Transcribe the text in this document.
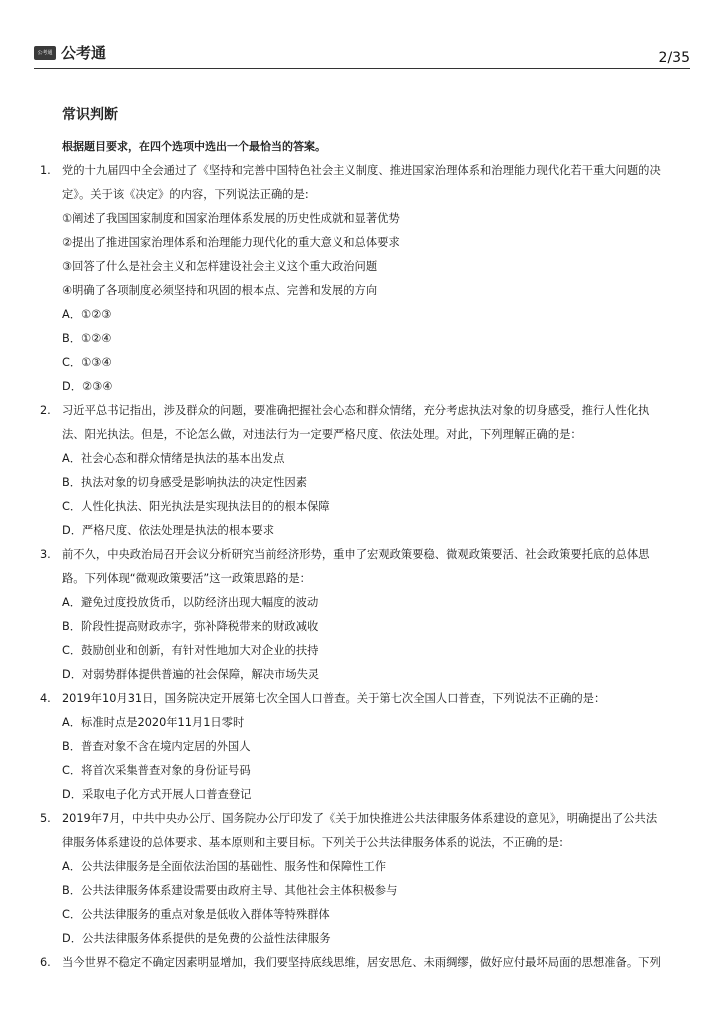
公考通 公考通	2/35
常识判断
根据题目要求，在四个选项中选出一个最恰当的答案。
1. 党的十九届四中全会通过了《坚持和完善中国特色社会主义制度、推进国家治理体系和治理能力现代化若干重大问题的决
定》。关于该《决定》的内容，下列说法正确的是:
①阐述了我国国家制度和国家治理体系发展的历史性成就和显著优势
②提出了推进国家治理体系和治理能力现代化的重大意义和总体要求
③回答了什么是社会主义和怎样建设社会主义这个重大政治问题
④明确了各项制度必须坚持和巩固的根本点、完善和发展的方向
A．①②③
B．①②④
C．①③④
D．②③④
2. 习近平总书记指出，涉及群众的问题，要准确把握社会心态和群众情绪，充分考虑执法对象的切身感受，推行人性化执
法、阳光执法。但是，不论怎么做，对违法行为一定要严格尺度、依法处理。对此，下列理解正确的是：
A．社会心态和群众情绪是执法的基本出发点
B．执法对象的切身感受是影响执法的决定性因素
C．人性化执法、阳光执法是实现执法目的的根本保障
D．严格尺度、依法处理是执法的根本要求
3. 前不久，中央政治局召开会议分析研究当前经济形势，重申了宏观政策要稳、微观政策要活、社会政策要托底的总体思
路。下列体现“微观政策要活”这一政策思路的是：
A．避免过度投放货币，以防经济出现大幅度的波动
B．阶段性提高财政赤字，弥补降税带来的财政减收
C．鼓励创业和创新，有针对性地加大对企业的扶持
D．对弱势群体提供普遍的社会保障，解决市场失灵
4. 2019年10月31日，国务院决定开展第七次全国人口普查。关于第七次全国人口普查，下列说法不正确的是：
A．标准时点是2020年11月1日零时
B．普查对象不含在境内定居的外国人
C．将首次采集普查对象的身份证号码
D．采取电子化方式开展人口普查登记
5. 2019年7月，中共中央办公厅、国务院办公厅印发了《关于加快推进公共法律服务体系建设的意见》，明确提出了公共法
律服务体系建设的总体要求、基本原则和主要目标。下列关于公共法律服务体系的说法，不正确的是:
A．公共法律服务是全面依法治国的基础性、服务性和保障性工作
B．公共法律服务体系建设需要由政府主导、其他社会主体积极参与
C．公共法律服务的重点对象是低收入群体等特殊群体
D．公共法律服务体系提供的是免费的公益性法律服务
6. 当今世界不稳定不确定因素明显增加，我们要坚持底线思维，居安思危、未雨绸缪，做好应付最坏局面的思想准备。下列
